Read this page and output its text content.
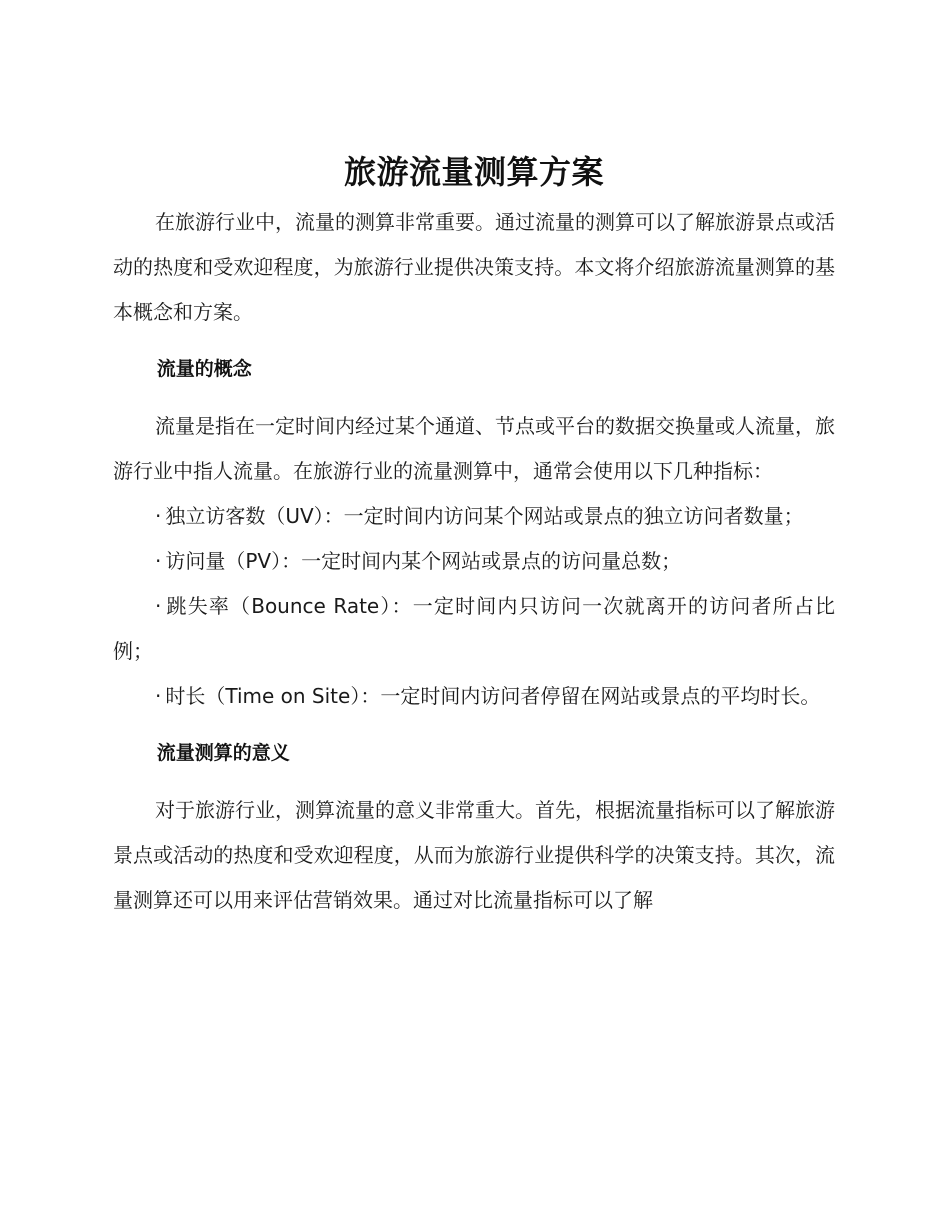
旅游流量测算方案

在旅游行业中，流量的测算非常重要。通过流量的测算可以了解旅游景点或活动的热度和受欢迎程度，为旅游行业提供决策支持。本文将介绍旅游流量测算的基本概念和方案。

流量的概念

流量是指在一定时间内经过某个通道、节点或平台的数据交换量或人流量，旅游行业中指人流量。在旅游行业的流量测算中，通常会使用以下几种指标：

· 独立访客数（UV）：一定时间内访问某个网站或景点的独立访问者数量；

· 访问量（PV）：一定时间内某个网站或景点的访问量总数；

· 跳失率（Bounce Rate）：一定时间内只访问一次就离开的访问者所占比例；

· 时长（Time on Site）：一定时间内访问者停留在网站或景点的平均时长。

流量测算的意义

对于旅游行业，测算流量的意义非常重大。首先，根据流量指标可以了解旅游景点或活动的热度和受欢迎程度，从而为旅游行业提供科学的决策支持。其次，流量测算还可以用来评估营销效果。通过对比流量指标可以了解
